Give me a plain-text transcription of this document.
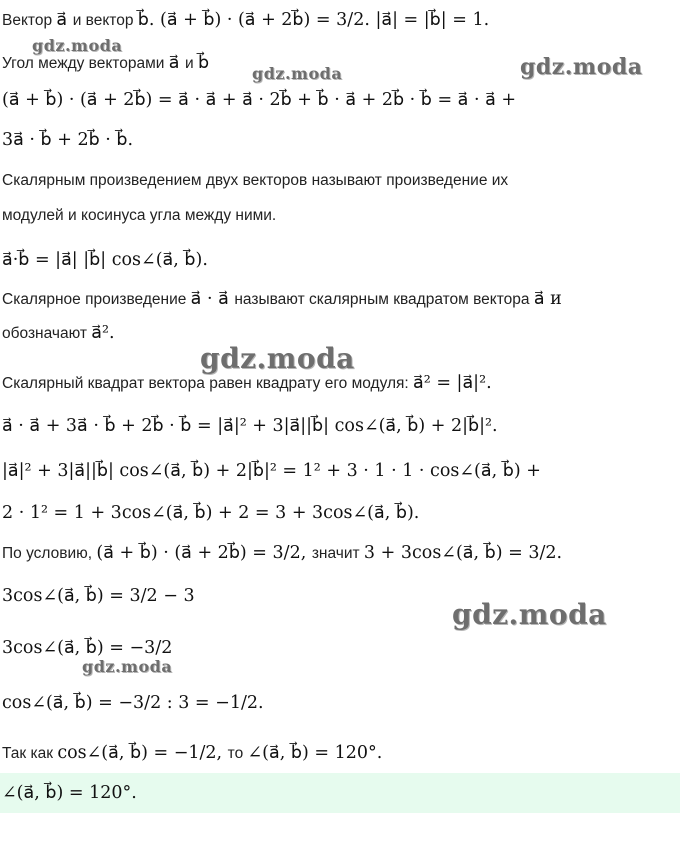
Вектор a⃗ и вектор b⃗. (a⃗ + b⃗) · (a⃗ + 2b⃗) = 3/2. |a⃗| = |b⃗| = 1.
Угол между векторами a⃗ и b⃗
(a⃗ + b⃗) · (a⃗ + 2b⃗) = a⃗ · a⃗ + a⃗ · 2b⃗ + b⃗ · a⃗ + 2b⃗ · b⃗ = a⃗ · a⃗ +
3a⃗ · b⃗ + 2b⃗ · b⃗.
Скалярным произведением двух векторов называют произведение их
модулей и косинуса угла между ними.
a⃗·b⃗ = |a⃗| |b⃗| cos∠(a⃗, b⃗).
Скалярное произведение a⃗ · a⃗ называют скалярным квадратом вектора a⃗ и
обозначают a⃗².
Скалярный квадрат вектора равен квадрату его модуля: a⃗² = |a⃗|².
a⃗ · a⃗ + 3a⃗ · b⃗ + 2b⃗ · b⃗ = |a⃗|² + 3|a⃗||b⃗| cos∠(a⃗, b⃗) + 2|b⃗|².
|a⃗|² + 3|a⃗||b⃗| cos∠(a⃗, b⃗) + 2|b⃗|² = 1² + 3 · 1 · 1 · cos∠(a⃗, b⃗) +
2 · 1² = 1 + 3cos∠(a⃗, b⃗) + 2 = 3 + 3cos∠(a⃗, b⃗).
По условию, (a⃗ + b⃗) · (a⃗ + 2b⃗) = 3/2, значит 3 + 3cos∠(a⃗, b⃗) = 3/2.
3cos∠(a⃗, b⃗) = 3/2 − 3
3cos∠(a⃗, b⃗) = −3/2
cos∠(a⃗, b⃗) = −3/2 : 3 = −1/2.
Так как cos∠(a⃗, b⃗) = −1/2, то ∠(a⃗, b⃗) = 120°.
∠(a⃗, b⃗) = 120°.
gdz.moda
gdz.moda	gdz.moda
gdz.moda
gdz.moda
gdz.moda
